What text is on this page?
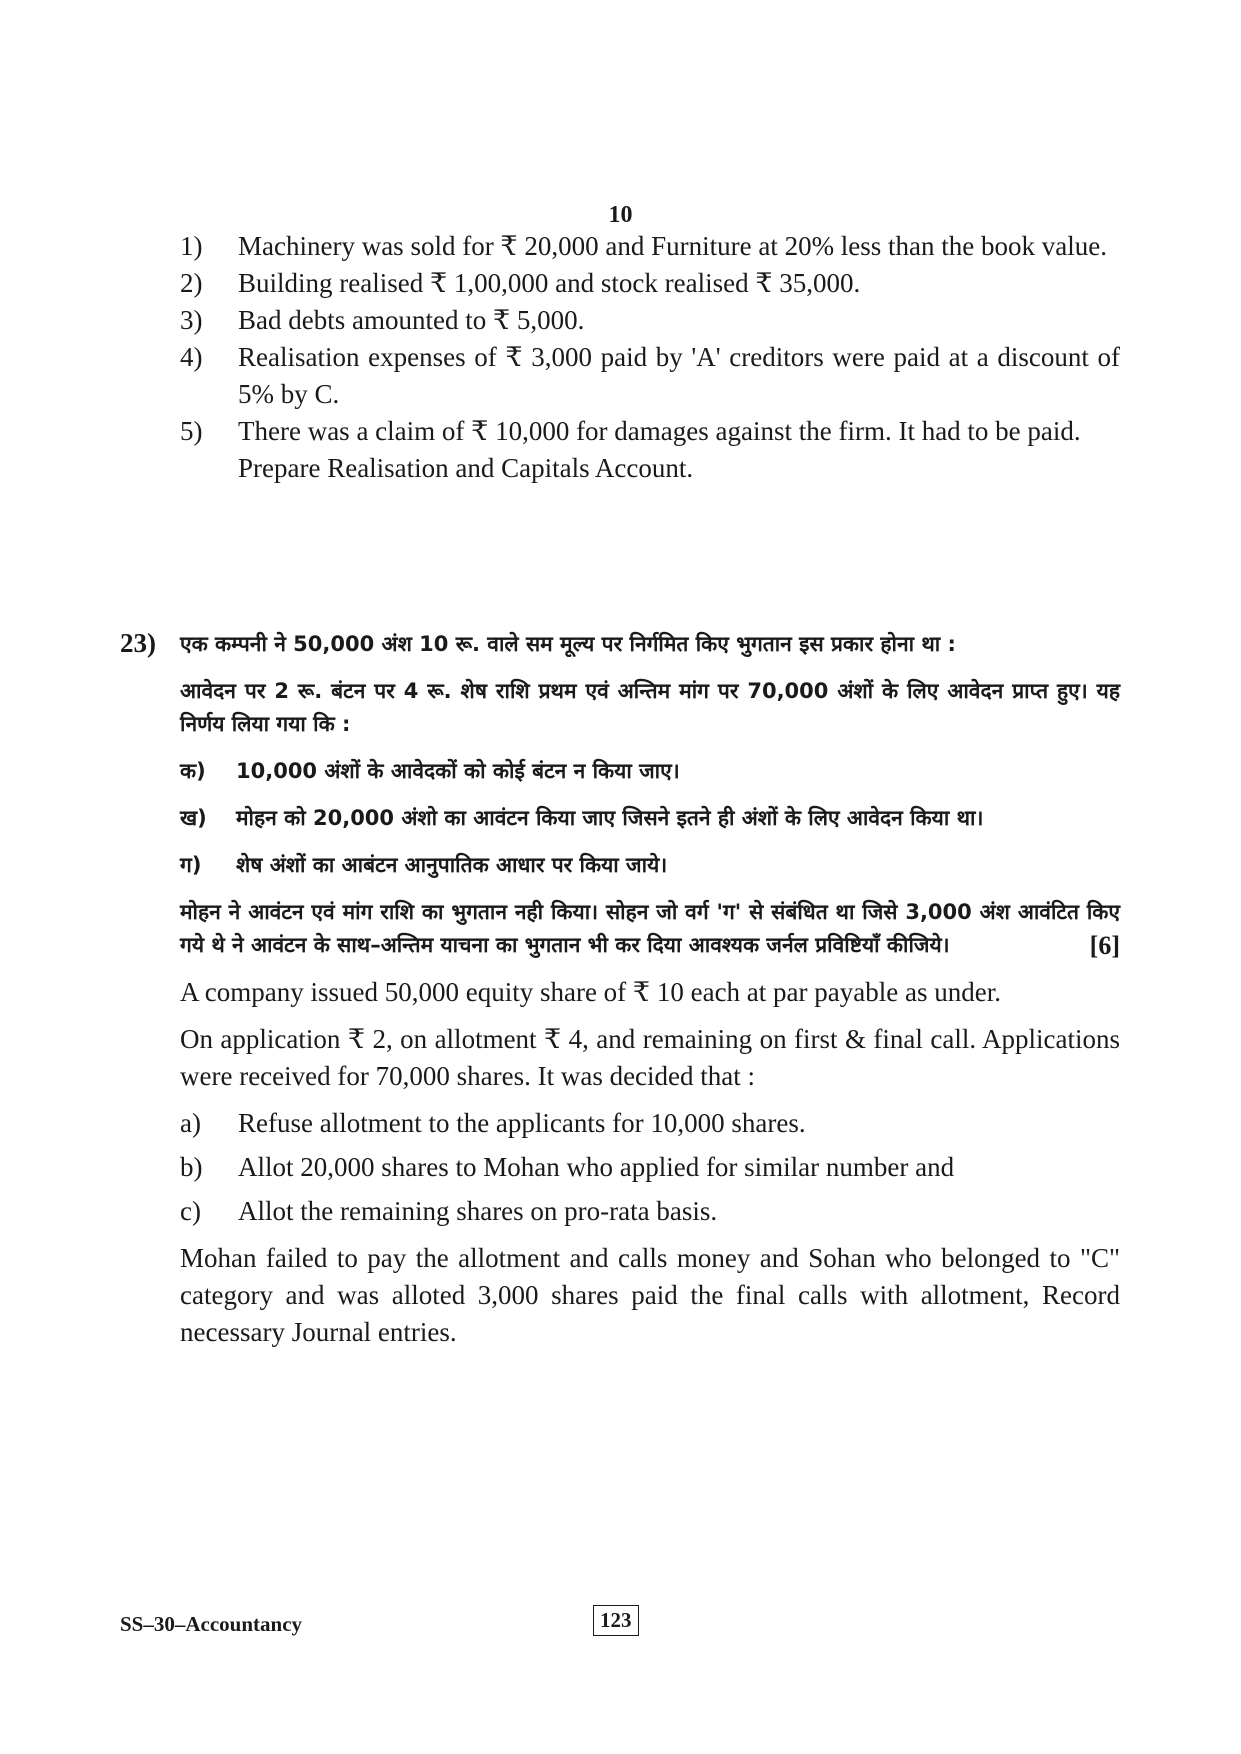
10
1)	Machinery was sold for ₹ 20,000 and Furniture at 20% less than the book value.
2)	Building realised ₹ 1,00,000 and stock realised ₹ 35,000.
3)	Bad debts amounted to ₹ 5,000.
4)	Realisation expenses of ₹ 3,000 paid by 'A' creditors were paid at a discount of 5% by C.
5)	There was a claim of ₹ 10,000 for damages against the firm. It had to be paid.
Prepare Realisation and Capitals Account.
23) एक कम्पनी ने 50,000 अंश 10 रू. वाले सम मूल्य पर निर्गमित किए भुगतान इस प्रकार होना था :
आवेदन पर 2 रू. बंटन पर 4 रू. शेष राशि प्रथम एवं अन्तिम मांग पर 70,000 अंशों के लिए आवेदन प्राप्त हुए। यह निर्णय लिया गया कि :
क)	10,000 अंशों के आवेदकों को कोई बंटन न किया जाए।
ख)	मोहन को 20,000 अंशो का आवंटन किया जाए जिसने इतने ही अंशों के लिए आवेदन किया था।
ग)	शेष अंशों का आबंटन आनुपातिक आधार पर किया जाये।
मोहन ने आवंटन एवं मांग राशि का भुगतान नही किया। सोहन जो वर्ग 'ग' से संबंधित था जिसे 3,000 अंश आवंटित किए गये थे ने आवंटन के साथ–अन्तिम याचना का भुगतान भी कर दिया आवश्यक जर्नल प्रविष्टियॉं कीजिये।	[6]
A company issued 50,000 equity share of ₹ 10 each at par payable as under.
On application ₹ 2, on allotment ₹ 4, and remaining on first & final call. Applications were received for 70,000 shares. It was decided that :
a)	Refuse allotment to the applicants for 10,000 shares.
b)	Allot 20,000 shares to Mohan who applied for similar number and
c)	Allot the remaining shares on pro-rata basis.
Mohan failed to pay the allotment and calls money and Sohan who belonged to "C" category and was alloted 3,000 shares paid the final calls with allotment, Record necessary Journal entries.
SS–30–Accountancy	123
